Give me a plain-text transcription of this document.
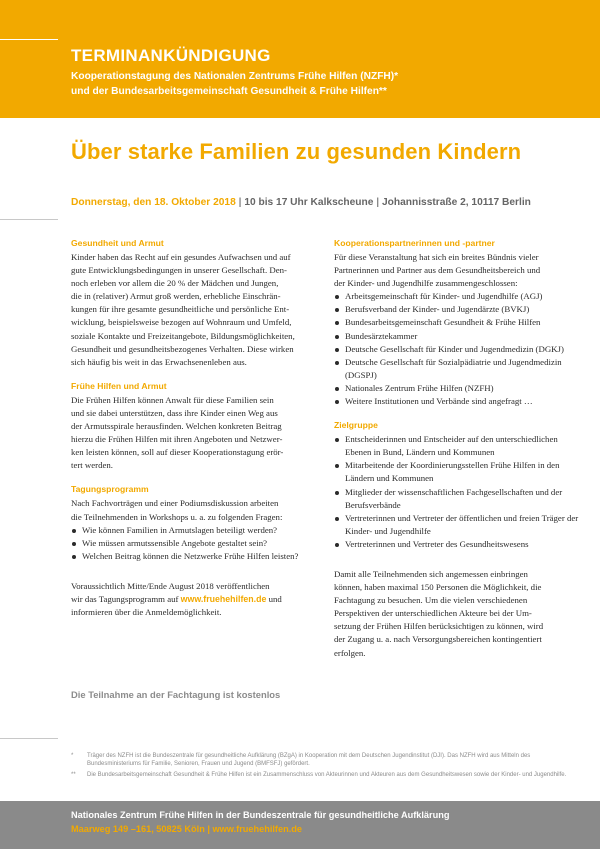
TERMINANKÜNDIGUNG
Kooperationstagung des Nationalen Zentrums Frühe Hilfen (NZFH)*
und der Bundesarbeitsgemeinschaft Gesundheit & Frühe Hilfen**
Über starke Familien zu gesunden Kindern
Donnerstag, den 18. Oktober 2018 | 10 bis 17 Uhr Kalkscheune | Johannisstraße 2, 10117 Berlin
Gesundheit und Armut
Kinder haben das Recht auf ein gesundes Aufwachsen und auf
gute Entwicklungsbedingungen in unserer Gesellschaft. Den-
noch erleben vor allem die 20 % der Mädchen und Jungen,
die in (relativer) Armut groß werden, erhebliche Einschrän-
kungen für ihre gesamte gesundheitliche und persönliche Ent-
wicklung, beispielsweise bezogen auf Wohnraum und Umfeld,
soziale Kontakte und Freizeitangebote, Bildungsmöglichkeiten,
Gesundheit und gesundheitsbezogenes Verhalten. Diese wirken
sich häufig bis weit in das Erwachsenenleben aus.
Frühe Hilfen und Armut
Die Frühen Hilfen können Anwalt für diese Familien sein
und sie dabei unterstützen, dass ihre Kinder einen Weg aus
der Armutsspirale herausfinden. Welchen konkreten Beitrag
hierzu die Frühen Hilfen mit ihren Angeboten und Netzwer-
ken leisten können, soll auf dieser Kooperationstagung erör-
tert werden.
Tagungsprogramm
Nach Fachvorträgen und einer Podiumsdiskussion arbeiten
die Teilnehmenden in Workshops u. a. zu folgenden Fragen:
Wie können Familien in Armutslagen beteiligt werden?
Wie müssen armutssensible Angebote gestaltet sein?
Welchen Beitrag können die Netzwerke Frühe Hilfen leisten?
Voraussichtlich Mitte/Ende August 2018 veröffentlichen
wir das Tagungsprogramm auf www.fruehehilfen.de und
informieren über die Anmeldemöglichkeit.
Die Teilnahme an der Fachtagung ist kostenlos
Kooperationspartnerinnen und -partner
Für diese Veranstaltung hat sich ein breites Bündnis vieler
Partnerinnen und Partner aus dem Gesundheitsbereich und
der Kinder- und Jugendhilfe zusammengeschlossen:
Arbeitsgemeinschaft für Kinder- und Jugendhilfe (AGJ)
Berufsverband der Kinder- und Jugendärzte (BVKJ)
Bundesarbeitsgemeinschaft Gesundheit & Frühe Hilfen
Bundesärztekammer
Deutsche Gesellschaft für Kinder und Jugendmedizin (DGKJ)
Deutsche Gesellschaft für Sozialpädiatrie und Jugendmedizin (DGSPJ)
Nationales Zentrum Frühe Hilfen (NZFH)
Weitere Institutionen und Verbände sind angefragt …
Zielgruppe
Entscheiderinnen und Entscheider auf den unterschiedlichen Ebenen in Bund, Ländern und Kommunen
Mitarbeitende der Koordinierungsstellen Frühe Hilfen in den Ländern und Kommunen
Mitglieder der wissenschaftlichen Fachgesellschaften und der Berufsverbände
Vertreterinnen und Vertreter der öffentlichen und freien Träger der Kinder- und Jugendhilfe
Vertreterinnen und Vertreter des Gesundheitswesens
Damit alle Teilnehmenden sich angemessen einbringen
können, haben maximal 150 Personen die Möglichkeit, die
Fachtagung zu besuchen. Um die vielen verschiedenen
Perspektiven der unterschiedlichen Akteure bei der Um-
setzung der Frühen Hilfen berücksichtigen zu können, wird
der Zugang u. a. nach Versorgungsbereichen kontingentiert
erfolgen.
* Träger des NZFH ist die Bundeszentrale für gesundheitliche Aufklärung (BZgA) in Kooperation mit dem Deutschen Jugendinstitut (DJI). Das NZFH wird aus Mitteln des Bundesministeriums für Familie, Senioren, Frauen und Jugend (BMFSFJ) gefördert.
** Die Bundesarbeitsgemeinschaft Gesundheit & Frühe Hilfen ist ein Zusammenschluss von Akteurinnen und Akteuren aus dem Gesundheitswesen sowie der Kinder- und Jugendhilfe.
Nationales Zentrum Frühe Hilfen in der Bundeszentrale für gesundheitliche Aufklärung
Maarweg 149 –161, 50825 Köln | www.fruehehilfen.de
